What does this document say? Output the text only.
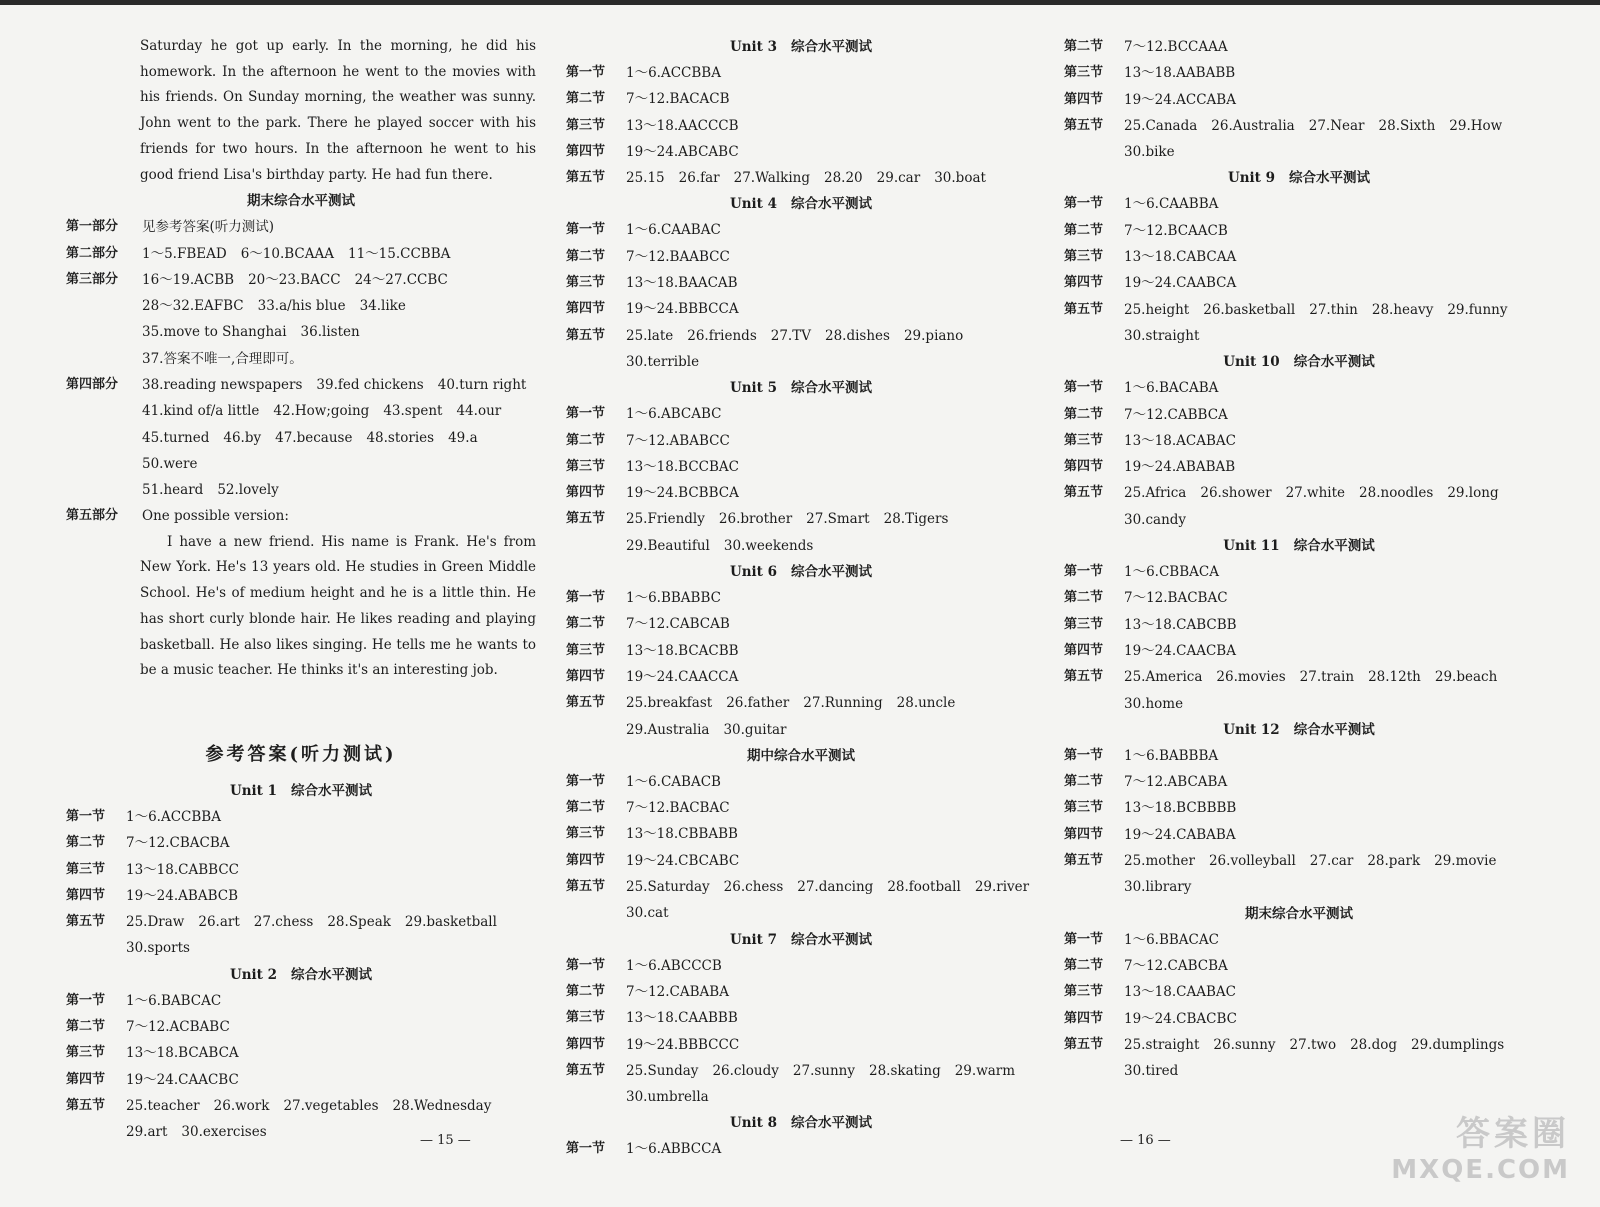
Saturday he got up early. In the morning, he did his homework. In the afternoon he went to the movies with his friends. On Sunday morning, the weather was sunny. John went to the park. There he played soccer with his friends for two hours. In the afternoon he went to his good friend Lisa's birthday party. He had fun there.
期末综合水平测试
第一部分	见参考答案(听力测试)
第二部分	1～5.FBEAD 6～10.BCAAA 11～15.CCBBA
第三部分	16～19.ACBB 20～23.BACC 24～27.CCBC
28～32.EAFBC 33.a/his blue 34.like
35.move to Shanghai 36.listen
37.答案不唯一,合理即可。
第四部分	38.reading newspapers 39.fed chickens 40.turn right
41.kind of/a little 42.How;going 43.spent 44.our
45.turned 46.by 47.because 48.stories 49.a
50.were
51.heard 52.lovely
第五部分	One possible version:
I have a new friend. His name is Frank. He's from New York. He's 13 years old. He studies in Green Middle School. He's of medium height and he is a little thin. He has short curly blonde hair. He likes reading and playing basketball. He also likes singing. He tells me he wants to be a music teacher. He thinks it's an interesting job.
参考答案(听力测试)
Unit 1 综合水平测试
第一节	1～6.ACCBBA
第二节	7～12.CBACBA
第三节	13～18.CABBCC
第四节	19～24.ABABCB
第五节	25.Draw 26.art 27.chess 28.Speak 29.basketball
30.sports
Unit 2 综合水平测试
第一节	1～6.BABCAC
第二节	7～12.ACBABC
第三节	13～18.BCABCA
第四节	19～24.CAACBC
第五节	25.teacher 26.work 27.vegetables 28.Wednesday
29.art 30.exercises
Unit 3 综合水平测试
第一节	1～6.ACCBBA
第二节	7～12.BACACB
第三节	13～18.AACCCB
第四节	19～24.ABCABC
第五节	25.15 26.far 27.Walking 28.20 29.car 30.boat
Unit 4 综合水平测试
第一节	1～6.CAABAC
第二节	7～12.BAABCC
第三节	13～18.BAACAB
第四节	19～24.BBBCCA
第五节	25.late 26.friends 27.TV 28.dishes 29.piano
30.terrible
Unit 5 综合水平测试
第一节	1～6.ABCABC
第二节	7～12.ABABCC
第三节	13～18.BCCBAC
第四节	19～24.BCBBCA
第五节	25.Friendly 26.brother 27.Smart 28.Tigers
29.Beautiful 30.weekends
Unit 6 综合水平测试
第一节	1～6.BBABBC
第二节	7～12.CABCAB
第三节	13～18.BCACBB
第四节	19～24.CAACCA
第五节	25.breakfast 26.father 27.Running 28.uncle
29.Australia 30.guitar
期中综合水平测试
第一节	1～6.CABACB
第二节	7～12.BACBAC
第三节	13～18.CBBABB
第四节	19～24.CBCABC
第五节	25.Saturday 26.chess 27.dancing 28.football 29.river
30.cat
Unit 7 综合水平测试
第一节	1～6.ABCCCB
第二节	7～12.CABABA
第三节	13～18.CAABBB
第四节	19～24.BBBCCC
第五节	25.Sunday 26.cloudy 27.sunny 28.skating 29.warm
30.umbrella
Unit 8 综合水平测试
第一节	1～6.ABBCCA
第二节	7～12.BCCAAA
第三节	13～18.AABABB
第四节	19～24.ACCABA
第五节	25.Canada 26.Australia 27.Near 28.Sixth 29.How
30.bike
Unit 9 综合水平测试
第一节	1～6.CAABBA
第二节	7～12.BCAACB
第三节	13～18.CABCAA
第四节	19～24.CAABCA
第五节	25.height 26.basketball 27.thin 28.heavy 29.funny
30.straight
Unit 10 综合水平测试
第一节	1～6.BACABA
第二节	7～12.CABBCA
第三节	13～18.ACABAC
第四节	19～24.ABABAB
第五节	25.Africa 26.shower 27.white 28.noodles 29.long
30.candy
Unit 11 综合水平测试
第一节	1～6.CBBACA
第二节	7～12.BACBAC
第三节	13～18.CABCBB
第四节	19～24.CAACBA
第五节	25.America 26.movies 27.train 28.12th 29.beach
30.home
Unit 12 综合水平测试
第一节	1～6.BABBBA
第二节	7～12.ABCABA
第三节	13～18.BCBBBB
第四节	19～24.CABABA
第五节	25.mother 26.volleyball 27.car 28.park 29.movie
30.library
期末综合水平测试
第一节	1～6.BBACAC
第二节	7～12.CABCBA
第三节	13～18.CAABAC
第四节	19～24.CBACBC
第五节	25.straight 26.sunny 27.two 28.dog 29.dumplings
30.tired
— 15 —	— 16 —	答案圈
MXQE.COM
